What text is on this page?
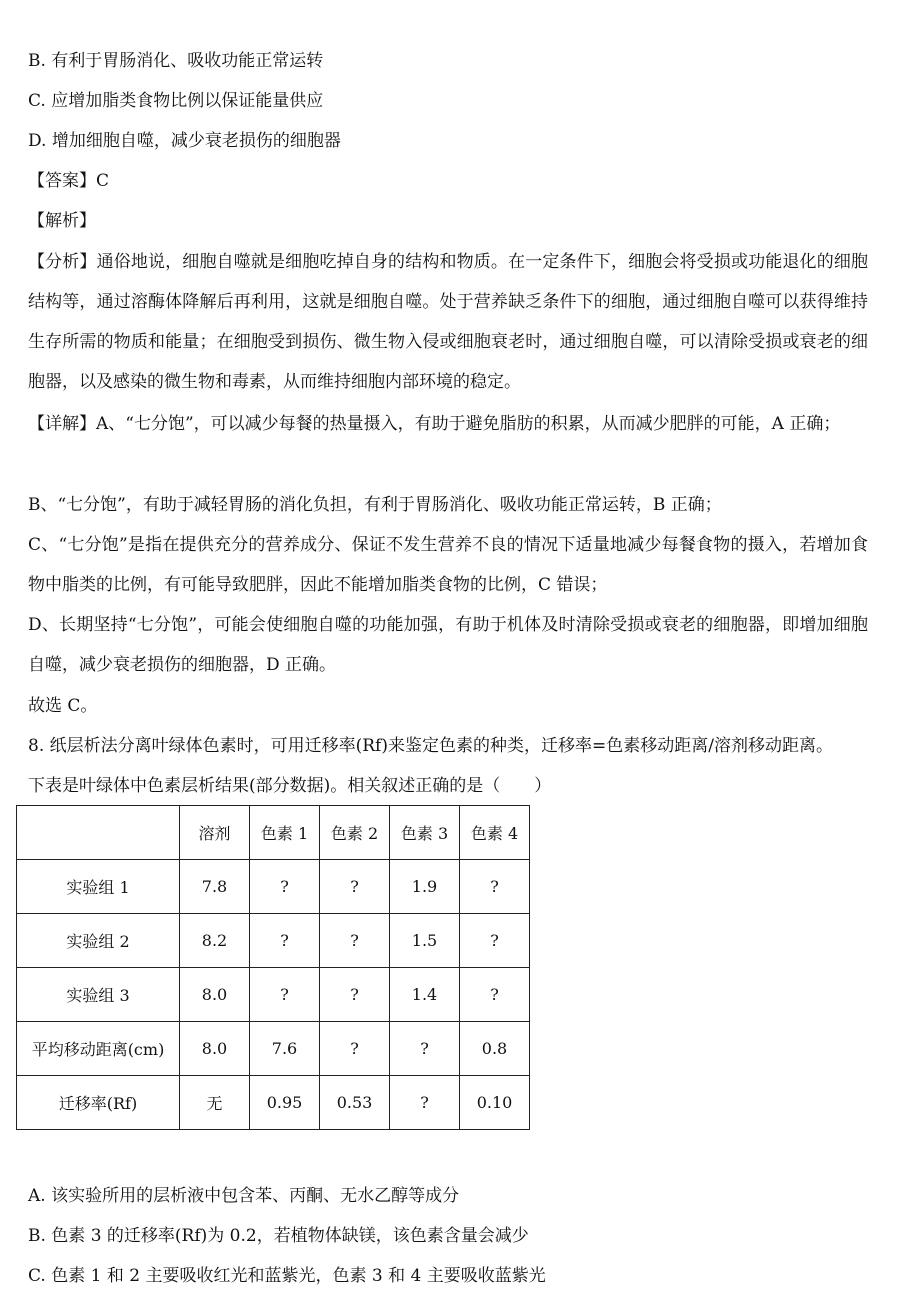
B. 有利于胃肠消化、吸收功能正常运转
C. 应增加脂类食物比例以保证能量供应
D. 增加细胞自噬，减少衰老损伤的细胞器
【答案】C
【解析】
【分析】通俗地说，细胞自噬就是细胞吃掉自身的结构和物质。在一定条件下，细胞会将受损或功能退化的细胞结构等，通过溶酶体降解后再利用，这就是细胞自噬。处于营养缺乏条件下的细胞，通过细胞自噬可以获得维持生存所需的物质和能量；在细胞受到损伤、微生物入侵或细胞衰老时，通过细胞自噬，可以清除受损或衰老的细胞器，以及感染的微生物和毒素，从而维持细胞内部环境的稳定。
【详解】A、“七分饱”，可以减少每餐的热量摄入，有助于避免脂肪的积累，从而减少肥胖的可能，A 正确；
B、“七分饱”，有助于减轻胃肠的消化负担，有利于胃肠消化、吸收功能正常运转，B 正确；
C、“七分饱”是指在提供充分的营养成分、保证不发生营养不良的情况下适量地减少每餐食物的摄入，若增加食物中脂类的比例，有可能导致肥胖，因此不能增加脂类食物的比例，C 错误；
D、长期坚持“七分饱”，可能会使细胞自噬的功能加强，有助于机体及时清除受损或衰老的细胞器，即增加细胞自噬，减少衰老损伤的细胞器，D 正确。
故选 C。
8. 纸层析法分离叶绿体色素时，可用迁移率(Rf)来鉴定色素的种类，迁移率=色素移动距离/溶剂移动距离。
下表是叶绿体中色素层析结果(部分数据)。相关叙述正确的是（　　）
	溶剂	色素 1	色素 2	色素 3	色素 4
实验组 1	7.8	?	?	1.9	?
实验组 2	8.2	?	?	1.5	?
实验组 3	8.0	?	?	1.4	?
平均移动距离(cm)	8.0	7.6	?	?	0.8
迁移率(Rf)	无	0.95	0.53	?	0.10
A. 该实验所用的层析液中包含苯、丙酮、无水乙醇等成分
B. 色素 3 的迁移率(Rf)为 0.2，若植物体缺镁，该色素含量会减少
C. 色素 1 和 2 主要吸收红光和蓝紫光，色素 3 和 4 主要吸收蓝紫光
